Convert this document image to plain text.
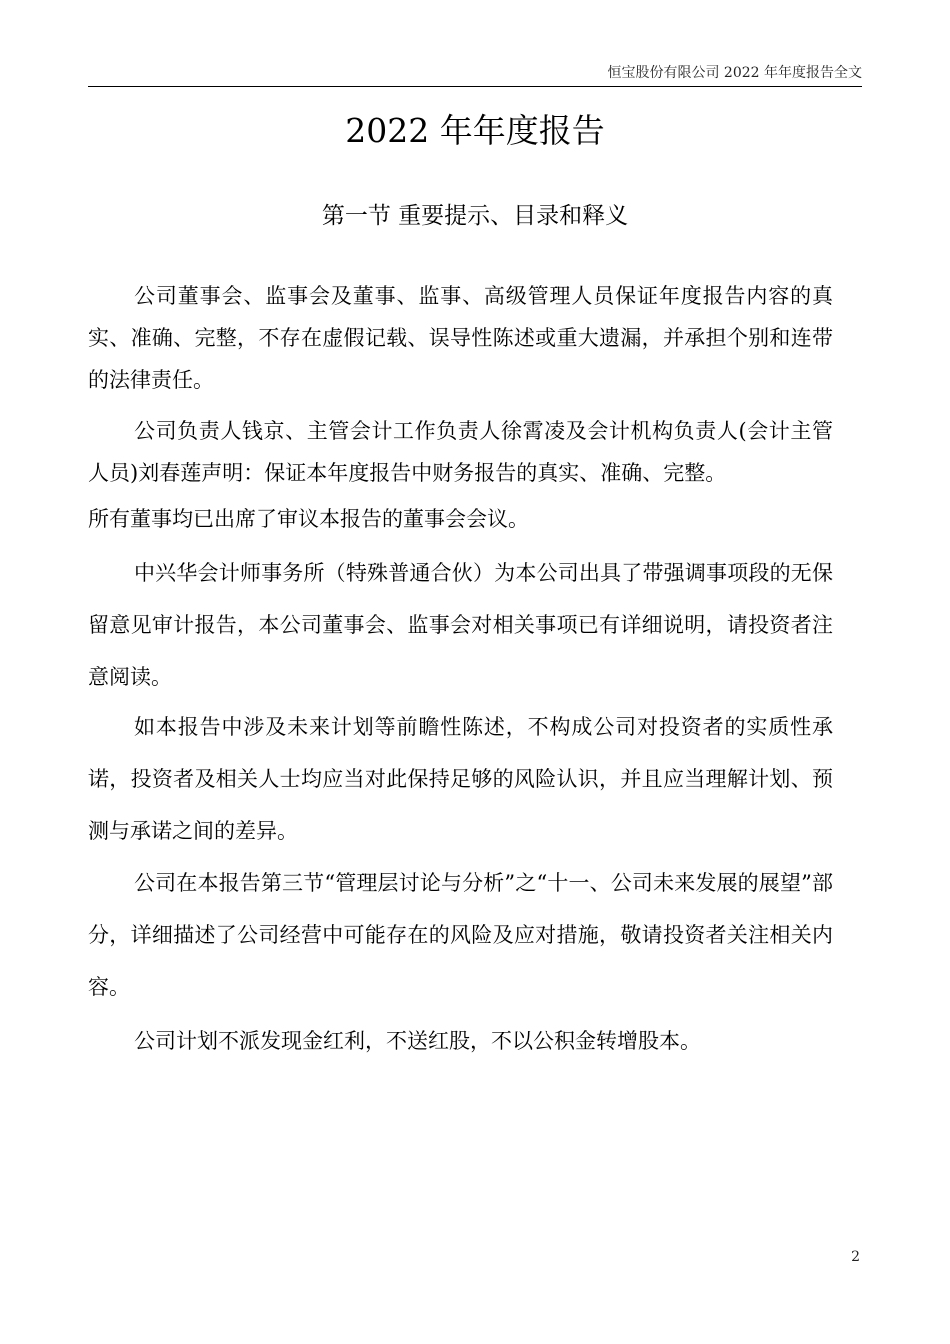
恒宝股份有限公司 2022 年年度报告全文
2022 年年度报告
第一节 重要提示、目录和释义

公司董事会、监事会及董事、监事、高级管理人员保证年度报告内容的真实、准确、完整，不存在虚假记载、误导性陈述或重大遗漏，并承担个别和连带的法律责任。

公司负责人钱京、主管会计工作负责人徐霄凌及会计机构负责人(会计主管人员)刘春莲声明：保证本年度报告中财务报告的真实、准确、完整。

所有董事均已出席了审议本报告的董事会会议。

中兴华会计师事务所（特殊普通合伙）为本公司出具了带强调事项段的无保留意见审计报告，本公司董事会、监事会对相关事项已有详细说明，请投资者注意阅读。

如本报告中涉及未来计划等前瞻性陈述，不构成公司对投资者的实质性承诺，投资者及相关人士均应当对此保持足够的风险认识，并且应当理解计划、预测与承诺之间的差异。

公司在本报告第三节“管理层讨论与分析”之“十一、公司未来发展的展望”部分，详细描述了公司经营中可能存在的风险及应对措施，敬请投资者关注相关内容。

公司计划不派发现金红利，不送红股，不以公积金转增股本。

2
